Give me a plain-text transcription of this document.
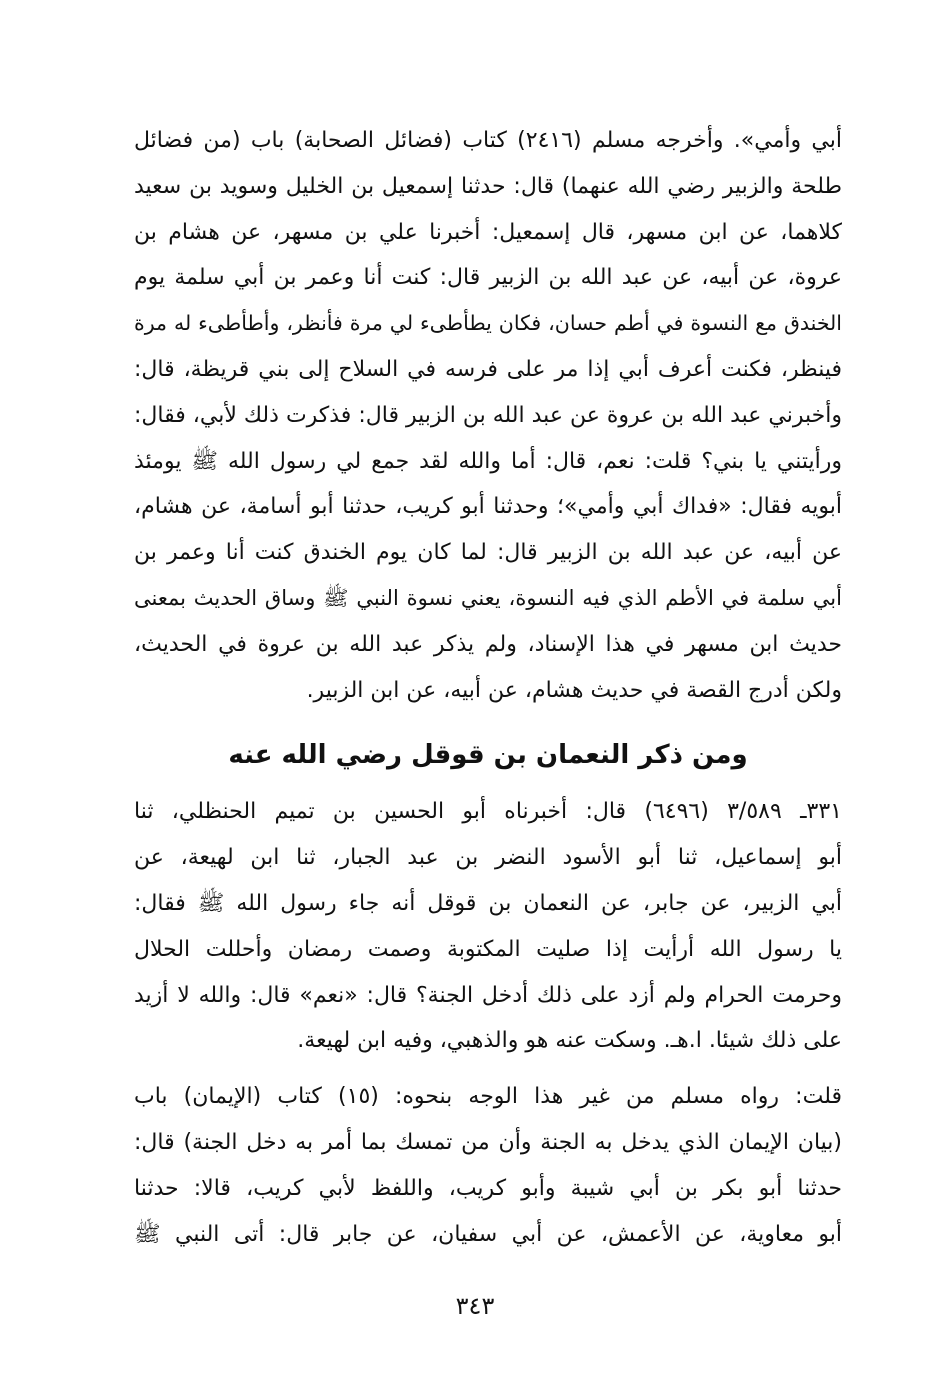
أبي وأمي». وأخرجه مسلم (٢٤١٦) كتاب (فضائل الصحابة) باب (من فضائل
طلحة والزبير رضي الله عنهما) قال: حدثنا إسمعيل بن الخليل وسويد بن سعيد
كلاهما، عن ابن مسهر، قال إسمعيل: أخبرنا علي بن مسهر، عن هشام بن
عروة، عن أبيه، عن عبد الله بن الزبير قال: كنت أنا وعمر بن أبي سلمة يوم
الخندق مع النسوة في أطم حسان، فكان يطأطىء لي مرة فأنظر، وأطأطىء له مرة
فينظر، فكنت أعرف أبي إذا مر على فرسه في السلاح إلى بني قريظة، قال:
وأخبرني عبد الله بن عروة عن عبد الله بن الزبير قال: فذكرت ذلك لأبي، فقال:
ورأيتني يا بني؟ قلت: نعم، قال: أما والله لقد جمع لي رسول الله ﷺ يومئذ
أبويه فقال: «فداك أبي وأمي»؛ وحدثنا أبو كريب، حدثنا أبو أسامة، عن هشام،
عن أبيه، عن عبد الله بن الزبير قال: لما كان يوم الخندق كنت أنا وعمر بن
أبي سلمة في الأطم الذي فيه النسوة، يعني نسوة النبي ﷺ وساق الحديث بمعنى
حديث ابن مسهر في هذا الإسناد، ولم يذكر عبد الله بن عروة في الحديث،
ولكن أدرج القصة في حديث هشام، عن أبيه، عن ابن الزبير.
ومن ذكر النعمان بن قوقل رضي الله عنه
٣٣١ـ ٣/٥٨٩ (٦٤٩٦) قال: أخبرناه أبو الحسين بن تميم الحنظلي، ثنا
أبو إسماعيل، ثنا أبو الأسود النضر بن عبد الجبار، ثنا ابن لهيعة، عن
أبي الزبير، عن جابر، عن النعمان بن قوقل أنه جاء رسول الله ﷺ فقال:
يا رسول الله أرأيت إذا صليت المكتوبة وصمت رمضان وأحللت الحلال
وحرمت الحرام ولم أزد على ذلك أدخل الجنة؟ قال: «نعم» قال: والله لا أزيد
على ذلك شيئا. ا.هـ. وسكت عنه هو والذهبي، وفيه ابن لهيعة.
قلت: رواه مسلم من غير هذا الوجه بنحوه: (١٥) كتاب (الإيمان) باب
(بيان الإيمان الذي يدخل به الجنة وأن من تمسك بما أمر به دخل الجنة) قال:
حدثنا أبو بكر بن أبي شيبة وأبو كريب، واللفظ لأبي كريب، قالا: حدثنا
أبو معاوية، عن الأعمش، عن أبي سفيان، عن جابر قال: أتى النبي ﷺ
٣٤٣
